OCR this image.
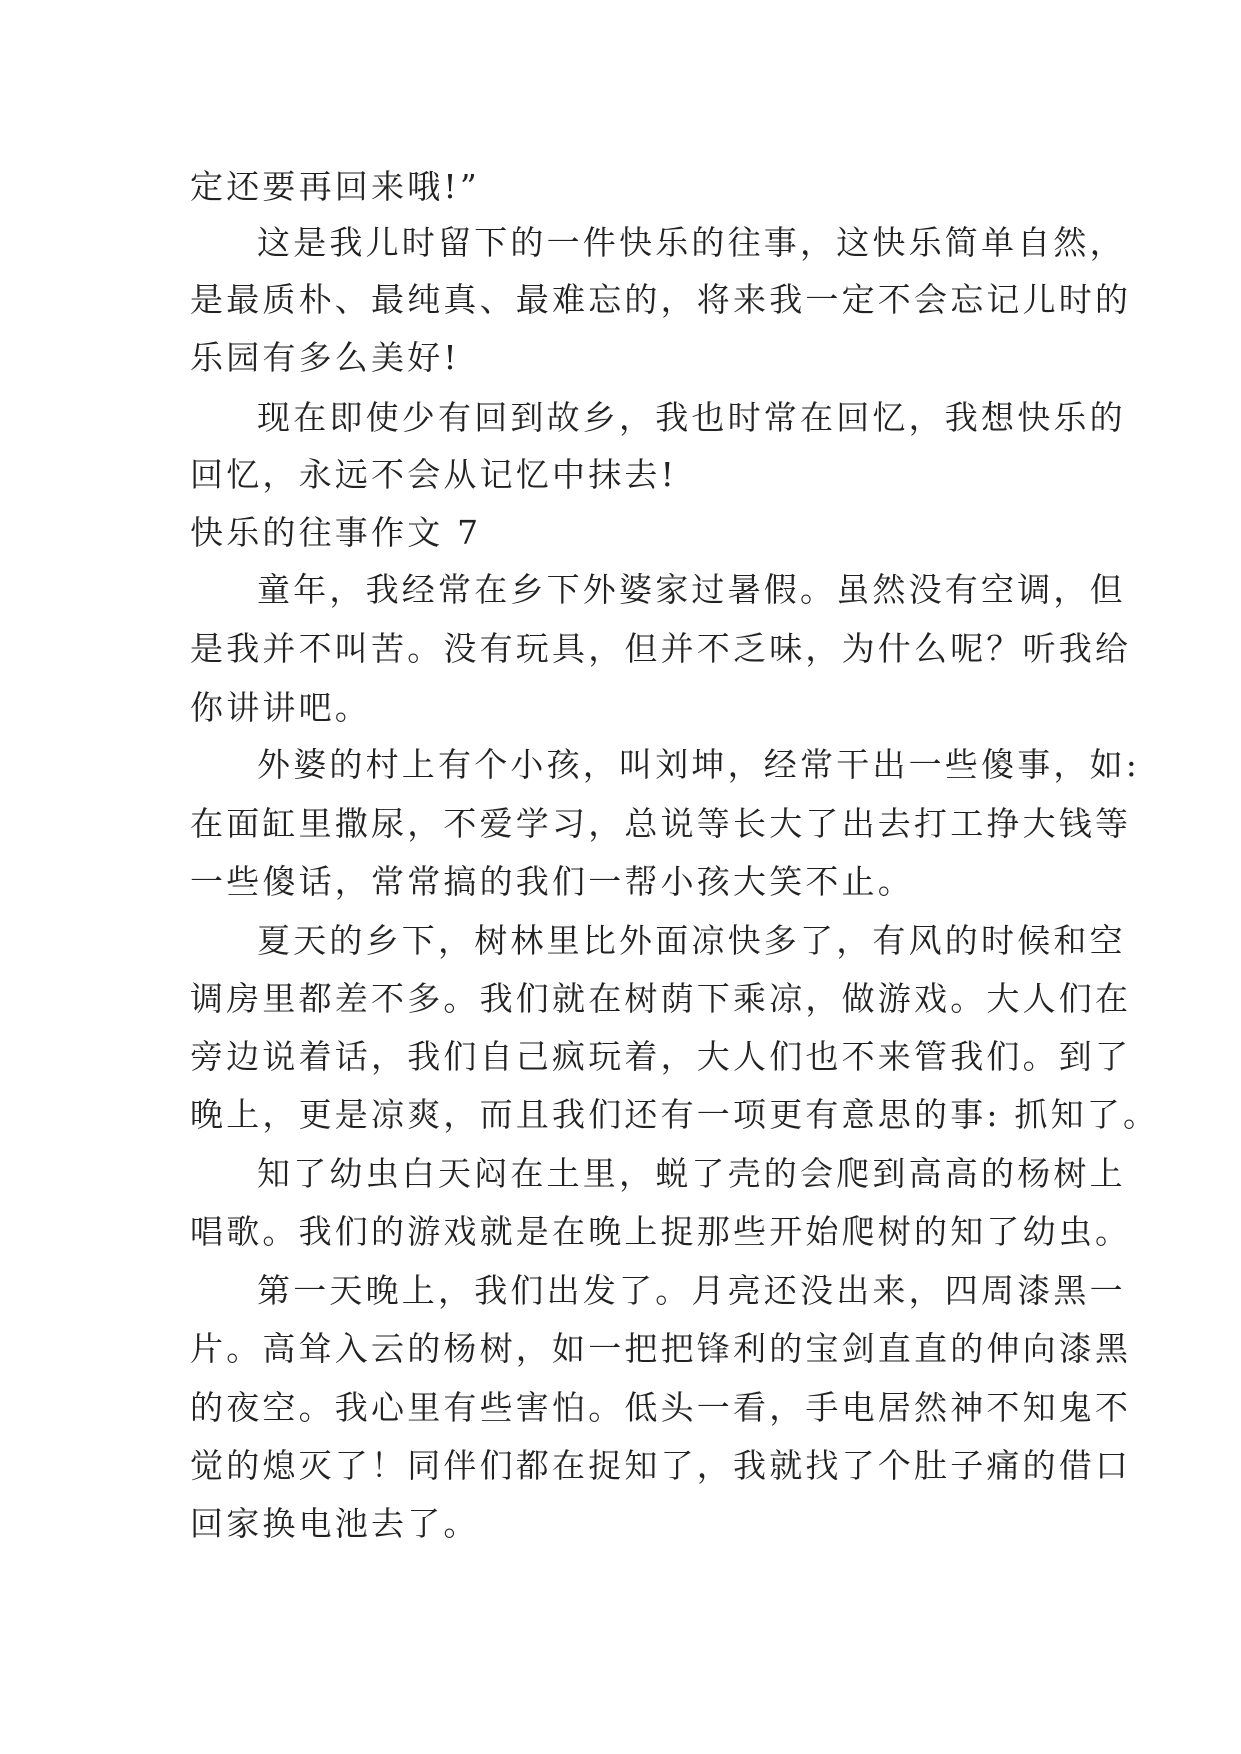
定还要再回来哦!”
这是我儿时留下的一件快乐的往事，这快乐简单自然，
是最质朴、最纯真、最难忘的，将来我一定不会忘记儿时的
乐园有多么美好!
现在即使少有回到故乡，我也时常在回忆，我想快乐的
回忆，永远不会从记忆中抹去!
快乐的往事作文 7
童年，我经常在乡下外婆家过暑假。虽然没有空调，但
是我并不叫苦。没有玩具，但并不乏味，为什么呢？听我给
你讲讲吧。
外婆的村上有个小孩，叫刘坤，经常干出一些傻事，如:
在面缸里撒尿，不爱学习，总说等长大了出去打工挣大钱等
一些傻话，常常搞的我们一帮小孩大笑不止。
夏天的乡下，树林里比外面凉快多了，有风的时候和空
调房里都差不多。我们就在树荫下乘凉，做游戏。大人们在
旁边说着话，我们自己疯玩着，大人们也不来管我们。到了
晚上，更是凉爽，而且我们还有一项更有意思的事: 抓知了。
知了幼虫白天闷在土里，蜕了壳的会爬到高高的杨树上
唱歌。我们的游戏就是在晚上捉那些开始爬树的知了幼虫。
第一天晚上，我们出发了。月亮还没出来，四周漆黑一
片。高耸入云的杨树，如一把把锋利的宝剑直直的伸向漆黑
的夜空。我心里有些害怕。低头一看，手电居然神不知鬼不
觉的熄灭了！同伴们都在捉知了，我就找了个肚子痛的借口
回家换电池去了。
